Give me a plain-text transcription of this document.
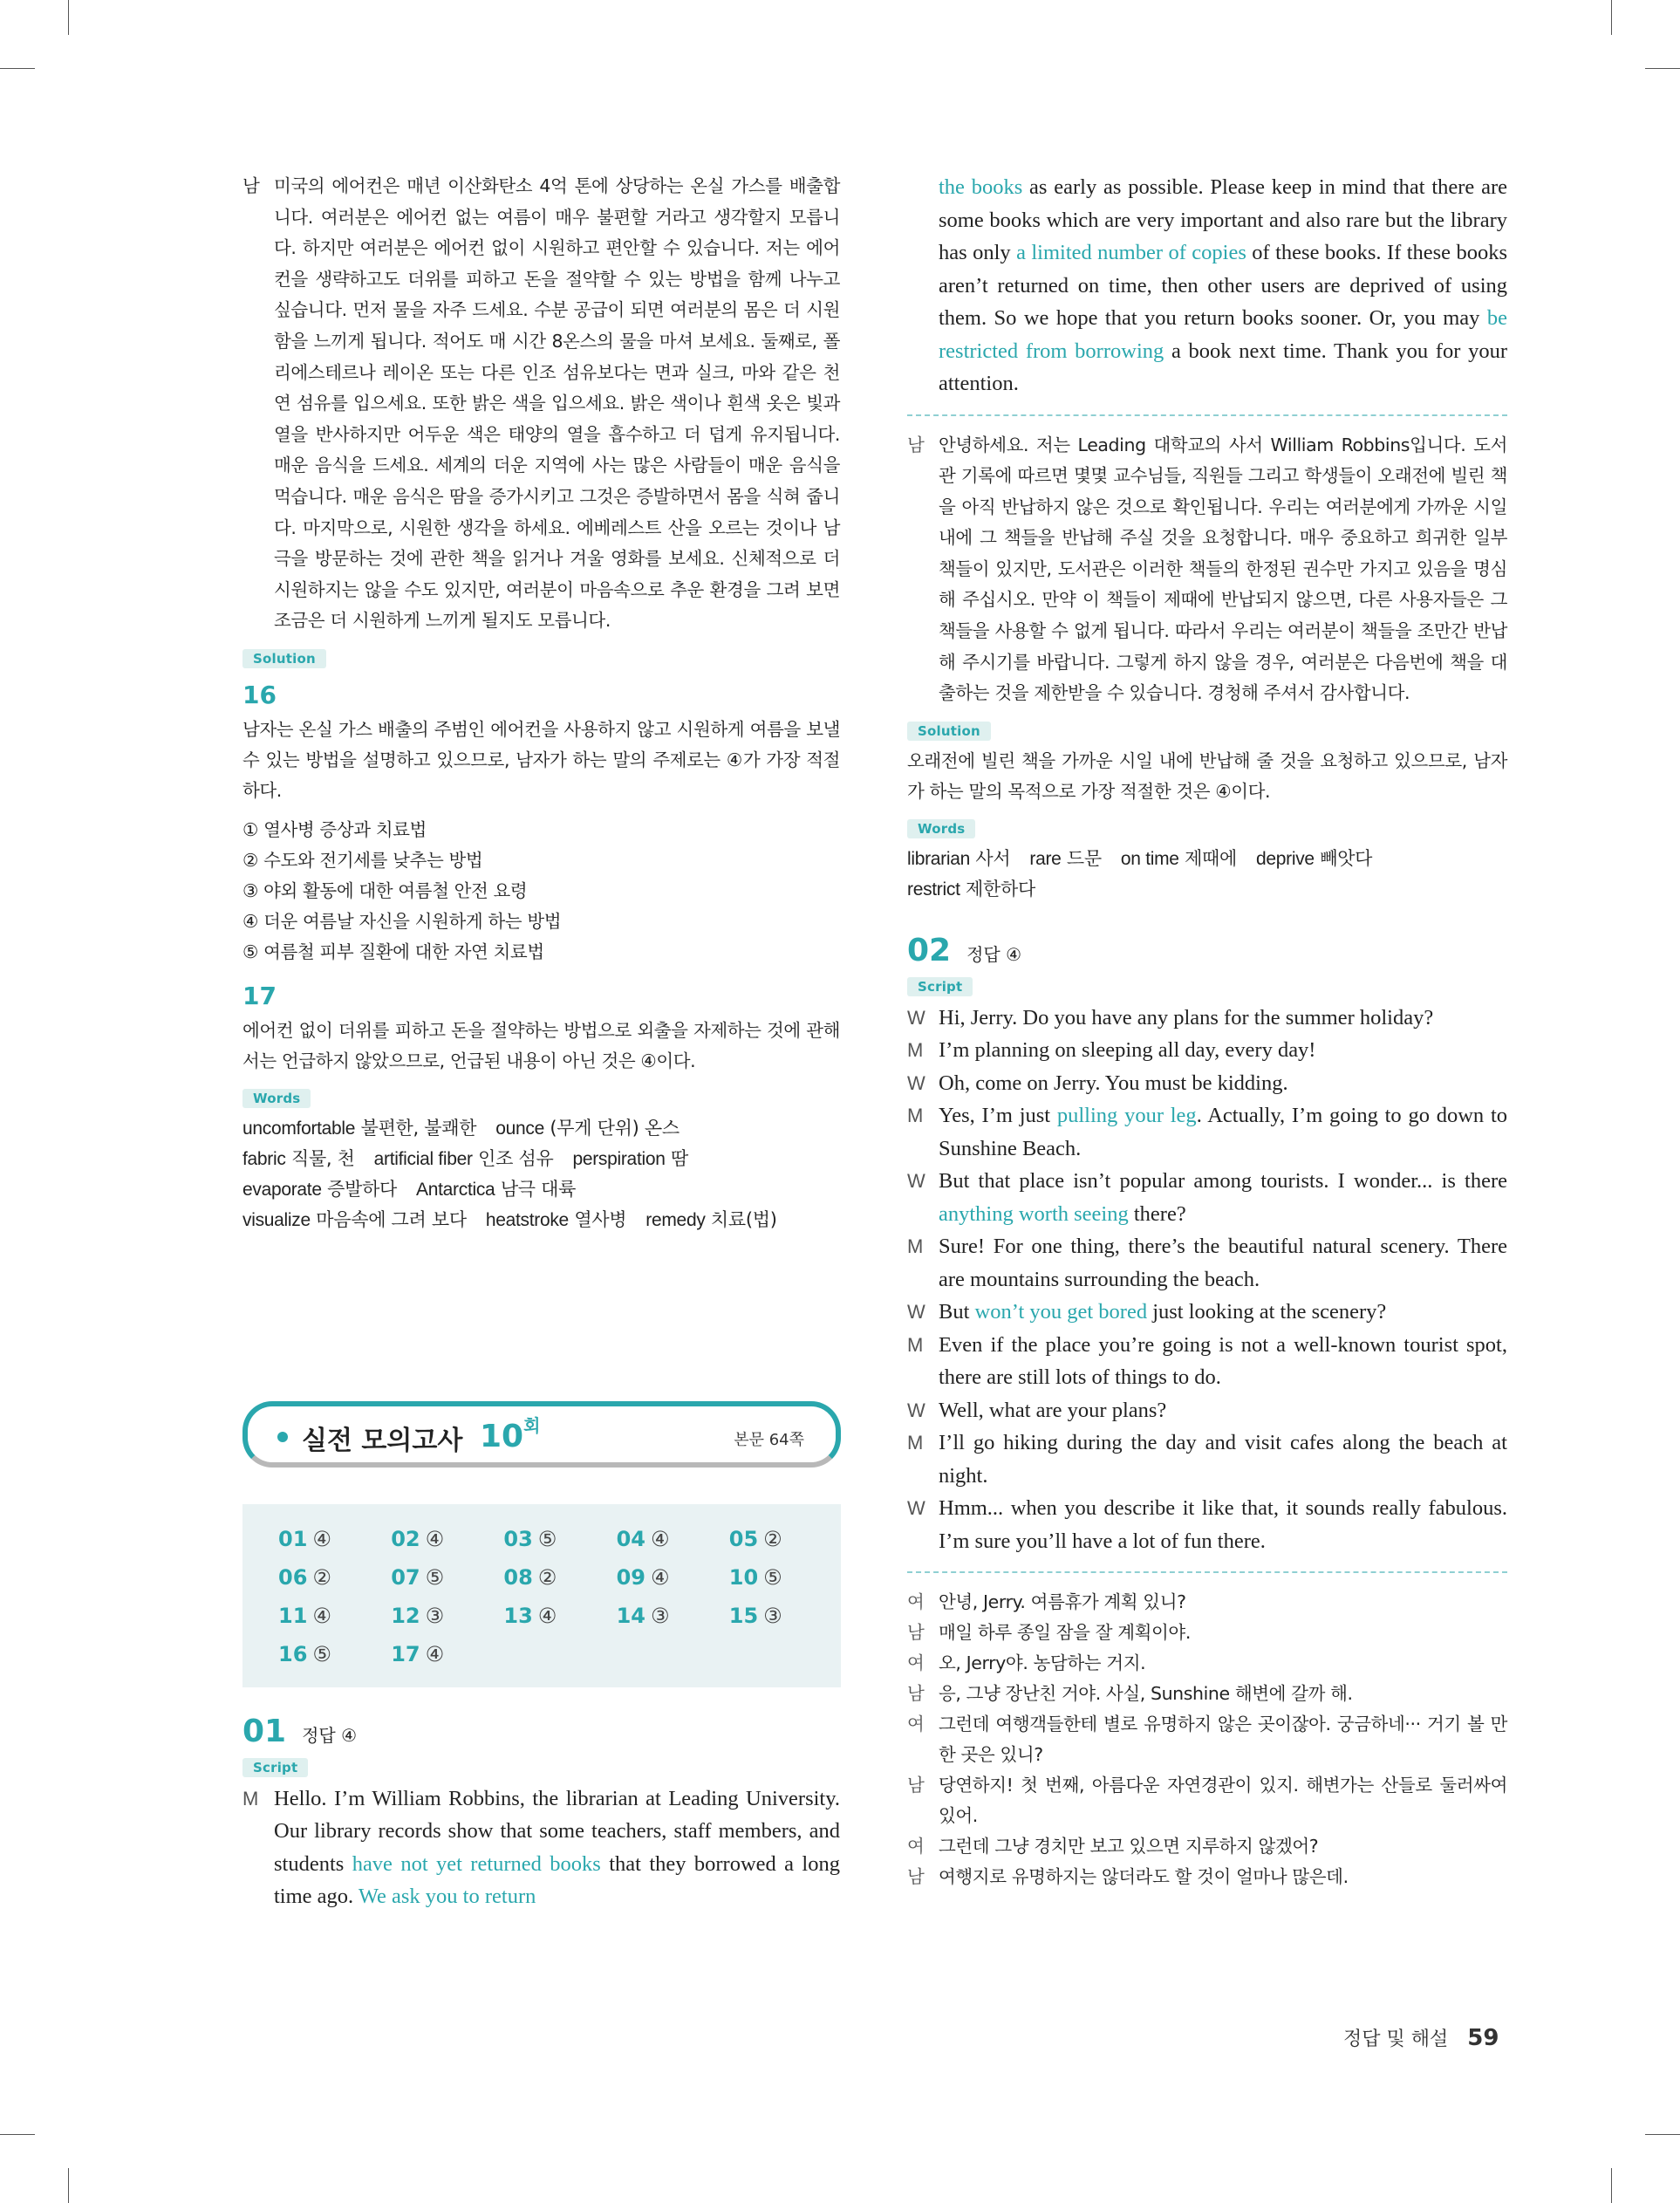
남 미국의 에어컨은 매년 이산화탄소 4억 톤에 상당하는 온실 가스를 배출합니다. 여러분은 에어컨 없는 여름이 매우 불편할 거라고 생각할지 모릅니다. 하지만 여러분은 에어컨 없이 시원하고 편안할 수 있습니다. 저는 에어컨을 생략하고도 더위를 피하고 돈을 절약할 수 있는 방법을 함께 나누고 싶습니다. 먼저 물을 자주 드세요. 수분 공급이 되면 여러분의 몸은 더 시원함을 느끼게 됩니다. 적어도 매 시간 8온스의 물을 마셔 보세요. 둘째로, 폴리에스테르나 레이온 또는 다른 인조 섬유보다는 면과 실크, 마와 같은 천연 섬유를 입으세요. 또한 밝은 색을 입으세요. 밝은 색이나 흰색 옷은 빛과 열을 반사하지만 어두운 색은 태양의 열을 흡수하고 더 덥게 유지됩니다. 매운 음식을 드세요. 세계의 더운 지역에 사는 많은 사람들이 매운 음식을 먹습니다. 매운 음식은 땀을 증가시키고 그것은 증발하면서 몸을 식혀 줍니다. 마지막으로, 시원한 생각을 하세요. 에베레스트 산을 오르는 것이나 남극을 방문하는 것에 관한 책을 읽거나 겨울 영화를 보세요. 신체적으로 더 시원하지는 않을 수도 있지만, 여러분이 마음속으로 추운 환경을 그려 보면 조금은 더 시원하게 느끼게 될지도 모릅니다.
Solution
16
남자는 온실 가스 배출의 주범인 에어컨을 사용하지 않고 시원하게 여름을 보낼 수 있는 방법을 설명하고 있으므로, 남자가 하는 말의 주제로는 ④가 가장 적절하다.
① 열사병 증상과 치료법
② 수도와 전기세를 낮추는 방법
③ 야외 활동에 대한 여름철 안전 요령
④ 더운 여름날 자신을 시원하게 하는 방법
⑤ 여름철 피부 질환에 대한 자연 치료법
17
에어컨 없이 더위를 피하고 돈을 절약하는 방법으로 외출을 자제하는 것에 관해서는 언급하지 않았으므로, 언급된 내용이 아닌 것은 ④이다.
Words
uncomfortable 불편한, 불쾌한 ounce (무게 단위) 온스
fabric 직물, 천 artificial fiber 인조 섬유 perspiration 땀
evaporate 증발하다 Antarctica 남극 대륙
visualize 마음속에 그려 보다 heatstroke 열사병 remedy 치료(법)
실전 모의고사 $10^회$
본문 64쪽
01 ④	02 ④	03 ⑤	04 ④	05 ②
06 ②	07 ⑤	08 ②	09 ④	10 ⑤
11 ④	12 ③	13 ④	14 ③	15 ③
16 ⑤	17 ④			
01 정답 ④
Script
M Hello. I’m William Robbins, the librarian at Leading University. Our library records show that some teachers, staff members, and students have not yet returned books that they borrowed a long time ago. We ask you to return
the books as early as possible. Please keep in mind that there are some books which are very important and also rare but the library has only a limited number of copies of these books. If these books aren’t returned on time, then other users are deprived of using them. So we hope that you return books sooner. Or, you may be restricted from borrowing a book next time. Thank you for your attention.
남 안녕하세요. 저는 Leading 대학교의 사서 William Robbins입니다. 도서관 기록에 따르면 몇몇 교수님들, 직원들 그리고 학생들이 오래전에 빌린 책을 아직 반납하지 않은 것으로 확인됩니다. 우리는 여러분에게 가까운 시일 내에 그 책들을 반납해 주실 것을 요청합니다. 매우 중요하고 희귀한 일부 책들이 있지만, 도서관은 이러한 책들의 한정된 권수만 가지고 있음을 명심해 주십시오. 만약 이 책들이 제때에 반납되지 않으면, 다른 사용자들은 그 책들을 사용할 수 없게 됩니다. 따라서 우리는 여러분이 책들을 조만간 반납해 주시기를 바랍니다. 그렇게 하지 않을 경우, 여러분은 다음번에 책을 대출하는 것을 제한받을 수 있습니다. 경청해 주셔서 감사합니다.
Solution
오래전에 빌린 책을 가까운 시일 내에 반납해 줄 것을 요청하고 있으므로, 남자가 하는 말의 목적으로 가장 적절한 것은 ④이다.
Words
librarian 사서 rare 드문 on time 제때에 deprive 빼앗다
restrict 제한하다
02 정답 ④
Script
W Hi, Jerry. Do you have any plans for the summer holiday?
M I’m planning on sleeping all day, every day!
W Oh, come on Jerry. You must be kidding.
M Yes, I’m just pulling your leg. Actually, I’m going to go down to Sunshine Beach.
W But that place isn’t popular among tourists. I wonder... is there anything worth seeing there?
M Sure! For one thing, there’s the beautiful natural scenery. There are mountains surrounding the beach.
W But won’t you get bored just looking at the scenery?
M Even if the place you’re going is not a well-known tourist spot, there are still lots of things to do.
W Well, what are your plans?
M I’ll go hiking during the day and visit cafes along the beach at night.
W Hmm... when you describe it like that, it sounds really fabulous. I’m sure you’ll have a lot of fun there.
여 안녕, Jerry. 여름휴가 계획 있니?
남 매일 하루 종일 잠을 잘 계획이야.
여 오, Jerry야. 농담하는 거지.
남 응, 그냥 장난친 거야. 사실, Sunshine 해변에 갈까 해.
여 그런데 여행객들한테 별로 유명하지 않은 곳이잖아. 궁금하네··· 거기 볼 만한 곳은 있니?
남 당연하지! 첫 번째, 아름다운 자연경관이 있지. 해변가는 산들로 둘러싸여 있어.
여 그런데 그냥 경치만 보고 있으면 지루하지 않겠어?
남 여행지로 유명하지는 않더라도 할 것이 얼마나 많은데.
정답 및 해설 59
